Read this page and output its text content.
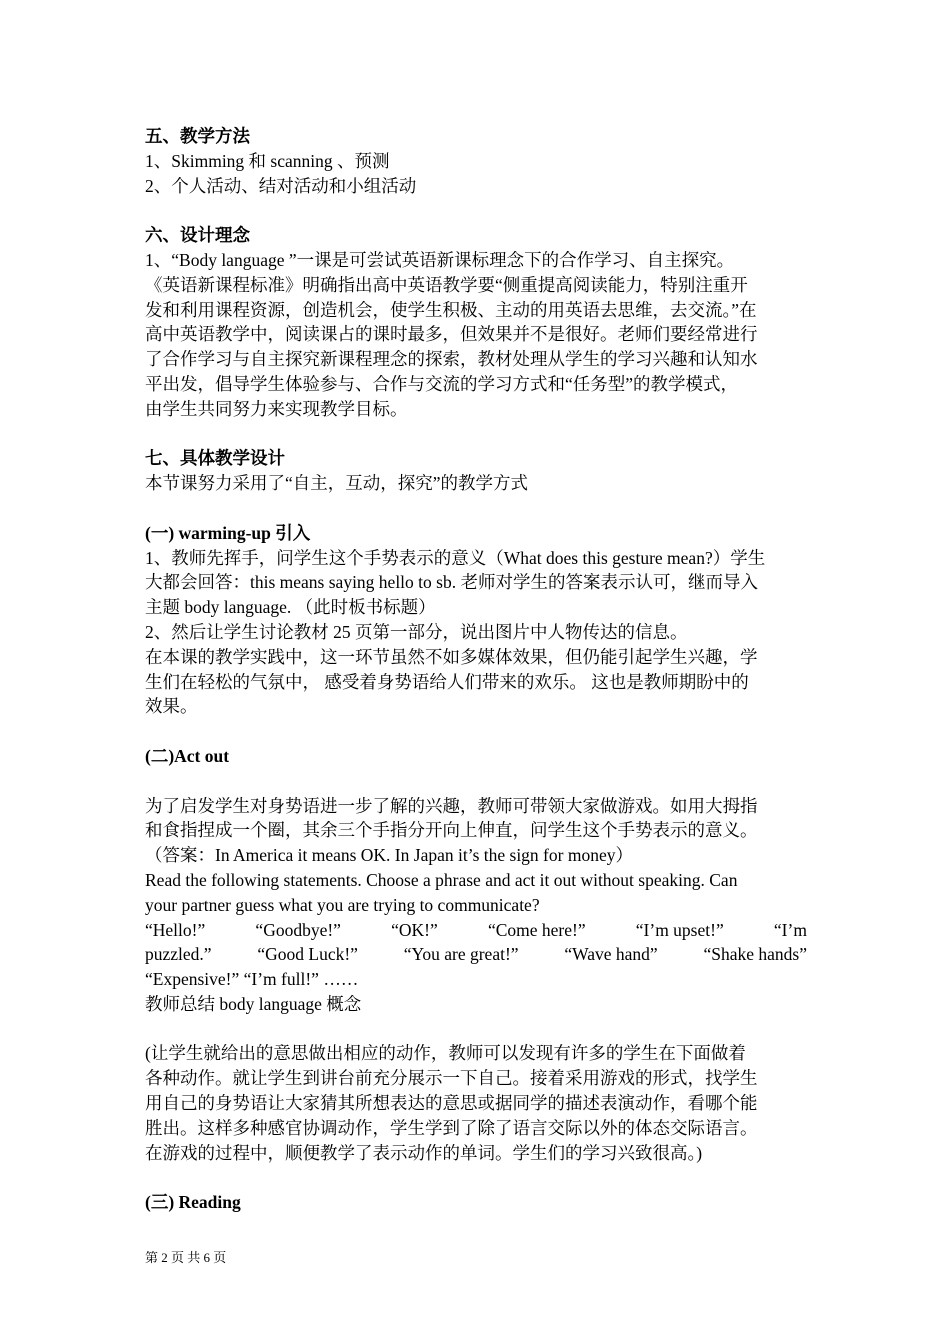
五、教学方法
1、Skimming 和 scanning 、预测
2、个人活动、结对活动和小组活动
六、设计理念
1、“Body language ”一课是可尝试英语新课标理念下的合作学习、自主探究。
《英语新课程标准》明确指出高中英语教学要“侧重提高阅读能力，特别注重开
发和利用课程资源，创造机会，使学生积极、主动的用英语去思维，去交流。”在
高中英语教学中，阅读课占的课时最多，但效果并不是很好。老师们要经常进行
了合作学习与自主探究新课程理念的探索，教材处理从学生的学习兴趣和认知水
平出发，倡导学生体验参与、合作与交流的学习方式和“任务型”的教学模式，
由学生共同努力来实现教学目标。
七、具体教学设计
本节课努力采用了“自主，互动，探究”的教学方式
(一) warming-up 引入
1、教师先挥手，问学生这个手势表示的意义（What does this gesture mean?）学生
大都会回答：this means saying hello to sb. 老师对学生的答案表示认可，继而导入
主题 body language. （此时板书标题）
2、然后让学生讨论教材 25 页第一部分，说出图片中人物传达的信息。
在本课的教学实践中，这一环节虽然不如多媒体效果，但仍能引起学生兴趣，学
生们在轻松的气氛中， 感受着身势语给人们带来的欢乐。 这也是教师期盼中的
效果。
(二)Act out
为了启发学生对身势语进一步了解的兴趣，教师可带领大家做游戏。如用大拇指
和食指捏成一个圈，其余三个手指分开向上伸直，问学生这个手势表示的意义。
（答案：In America it means OK. In Japan it’s the sign for money）
Read the following statements. Choose a phrase and act it out without speaking. Can
your partner guess what you are trying to communicate?
“Hello!”	“Goodbye!”	“OK!”	“Come here!”	“I’m upset!”	“I’m
puzzled.”	“Good Luck!”	“You are great!”	“Wave hand”	“Shake hands”
“Expensive!” “I’m full!” ……
教师总结 body language 概念
(让学生就给出的意思做出相应的动作，教师可以发现有许多的学生在下面做着
各种动作。就让学生到讲台前充分展示一下自己。接着采用游戏的形式，找学生
用自己的身势语让大家猜其所想表达的意思或据同学的描述表演动作，看哪个能
胜出。这样多种感官协调动作，学生学到了除了语言交际以外的体态交际语言。
在游戏的过程中，顺便教学了表示动作的单词。学生们的学习兴致很高。)
(三) Reading
第 2 页 共 6 页
